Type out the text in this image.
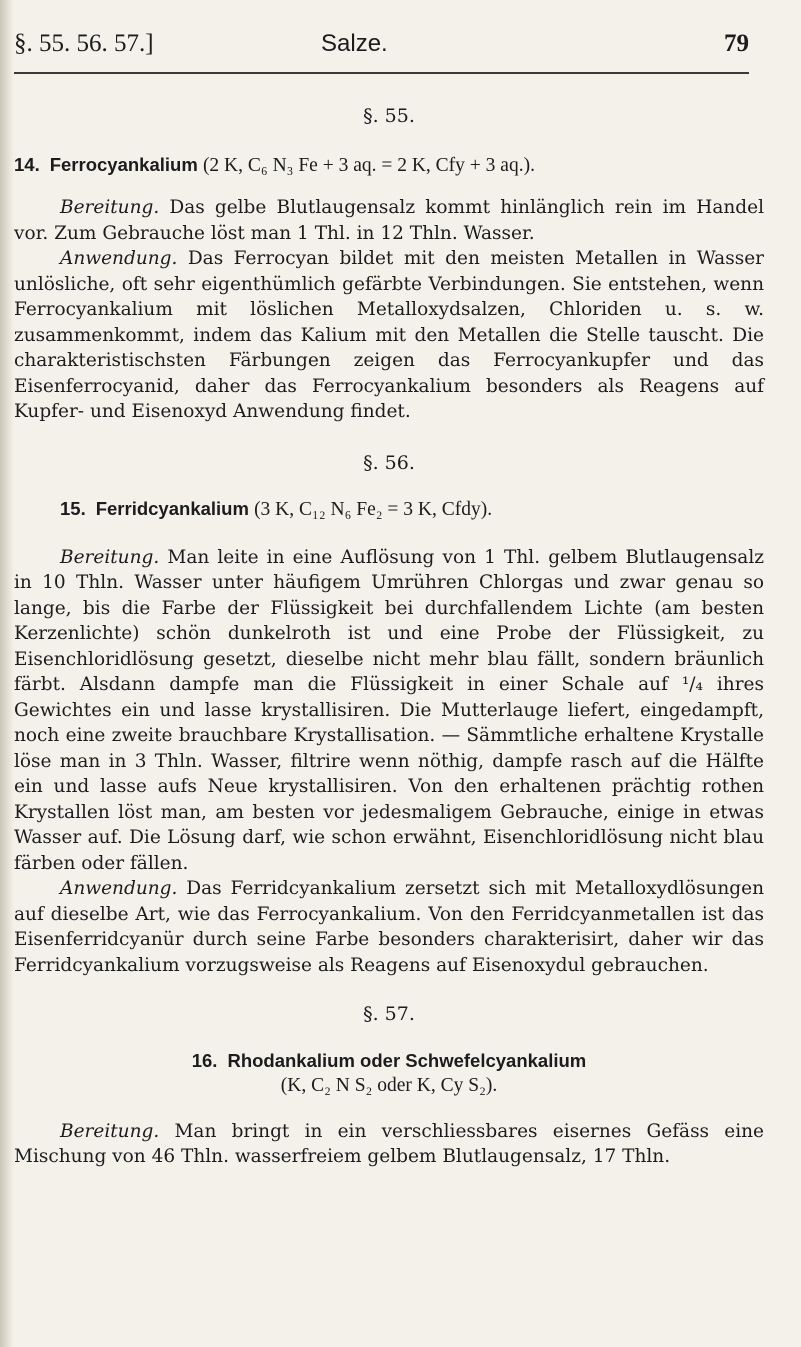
§. 55. 56. 57.]	Salze.	79

§. 55.

14. Ferrocyankalium (2 K, C₆ N₃ Fe + 3 aq. = 2 K, Cfy + 3 aq.).

Bereitung. Das gelbe Blutlaugensalz kommt hinlänglich rein im Handel vor. Zum Gebrauche löst man 1 Thl. in 12 Thln. Wasser.

Anwendung. Das Ferrocyan bildet mit den meisten Metallen in Wasser unlösliche, oft sehr eigenthümlich gefärbte Verbindungen. Sie entstehen, wenn Ferrocyankalium mit löslichen Metalloxydsalzen, Chloriden u. s. w. zusammenkommt, indem das Kalium mit den Metallen die Stelle tauscht. Die charakteristischsten Färbungen zeigen das Ferrocyankupfer und das Eisenferrocyanid, daher das Ferrocyankalium besonders als Reagens auf Kupfer- und Eisenoxyd Anwendung findet.

§. 56.

15. Ferridcyankalium (3 K, C₁₂ N₆ Fe₂ = 3 K, Cfdy).

Bereitung. Man leite in eine Auflösung von 1 Thl. gelbem Blutlaugensalz in 10 Thln. Wasser unter häufigem Umrühren Chlorgas und zwar genau so lange, bis die Farbe der Flüssigkeit bei durchfallendem Lichte (am besten Kerzenlichte) schön dunkelroth ist und eine Probe der Flüssigkeit, zu Eisenchloridlösung gesetzt, dieselbe nicht mehr blau fällt, sondern bräunlich färbt. Alsdann dampfe man die Flüssigkeit in einer Schale auf ¹/₄ ihres Gewichtes ein und lasse krystallisiren. Die Mutterlauge liefert, eingedampft, noch eine zweite brauchbare Krystallisation. — Sämmtliche erhaltene Krystalle löse man in 3 Thln. Wasser, filtrire wenn nöthig, dampfe rasch auf die Hälfte ein und lasse aufs Neue krystallisiren. Von den erhaltenen prächtig rothen Krystallen löst man, am besten vor jedesmaligem Gebrauche, einige in etwas Wasser auf. Die Lösung darf, wie schon erwähnt, Eisenchloridlösung nicht blau färben oder fällen.

Anwendung. Das Ferridcyankalium zersetzt sich mit Metalloxydlösungen auf dieselbe Art, wie das Ferrocyankalium. Von den Ferridcyanmetallen ist das Eisenferridcyanür durch seine Farbe besonders charakterisirt, daher wir das Ferridcyankalium vorzugsweise als Reagens auf Eisenoxydul gebrauchen.

§. 57.

16. Rhodankalium oder Schwefelcyankalium

(K, C₂ N S₂ oder K, Cy S₂).

Bereitung. Man bringt in ein verschliessbares eisernes Gefäss eine Mischung von 46 Thln. wasserfreiem gelbem Blutlaugensalz, 17 Thln.
